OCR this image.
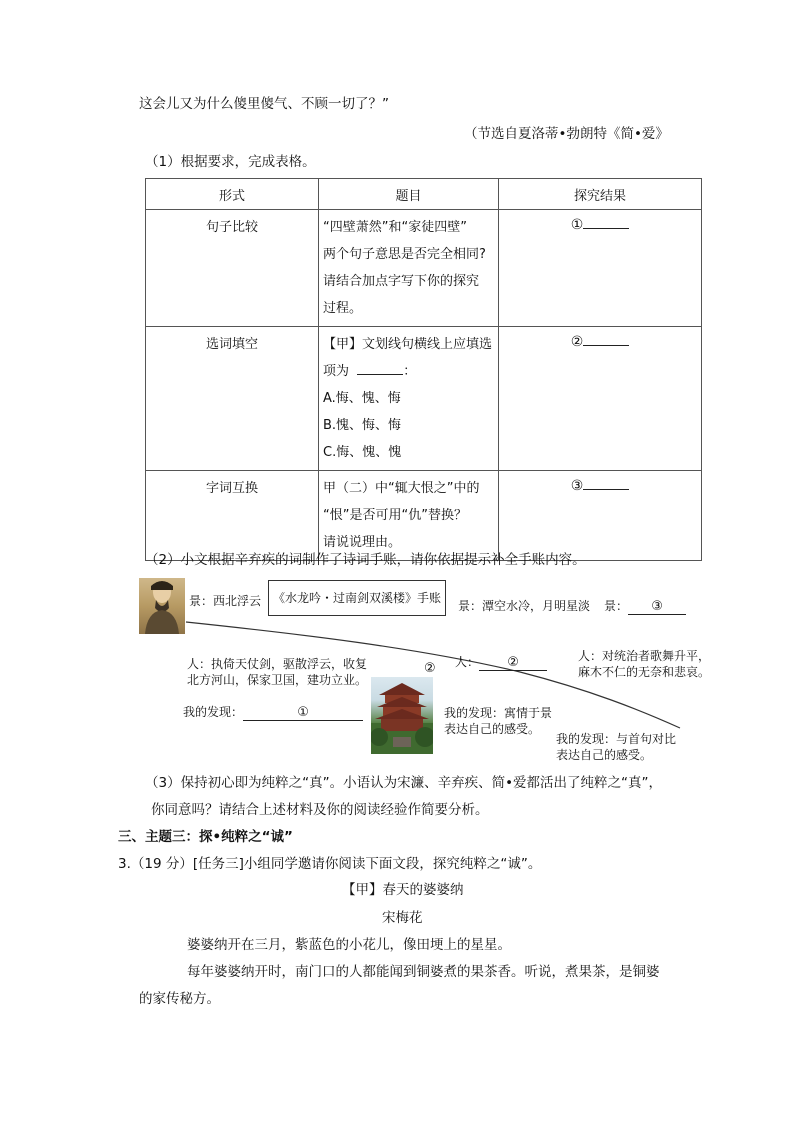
这会儿又为什么傻里傻气、不顾一切了？”
（节选自夏洛蒂•勃朗特《简•爱》
（1）根据要求，完成表格。
形式	题目	探究结果
句子比较	“四壁萧然”和“家徒四壁”
两个句子意思是否完全相同?
请结合加点字写下你的探究
过程。	①
选词填空	【甲】文划线句横线上应填选
项为 ：
A.悔、愧、悔
B.愧、悔、悔
C.悔、愧、愧	②
字词互换	甲（二）中“辄大恨之”中的
“恨”是否可用“仇”替换？
请说说理由。	③
（2）小文根据辛弃疾的词制作了诗词手账，请你依据提示补全手账内容。
景：西北浮云 《水龙吟・过南剑双溪楼》手账
景：潭空水冷，月明星淡 景： ③
人：执倚天仗剑，驱散浮云，收复
北方河山，保家卫国，建功立业。
② 人： ②	人：对统治者歌舞升平，
麻木不仁的无奈和悲哀。
我的发现：	①	我的发现：寓情于景
表达自己的感受。
我的发现：与首句对比
表达自己的感受。
（3）保持初心即为纯粹之“真”。小语认为宋濂、辛弃疾、简•爱都活出了纯粹之“真”，
你同意吗？请结合上述材料及你的阅读经验作简要分析。
三、主题三：探•纯粹之“诚”
3.（19 分）[任务三]小组同学邀请你阅读下面文段，探究纯粹之“诚”。
【甲】春天的婆婆纳
宋梅花
婆婆纳开在三月，紫蓝色的小花儿，像田埂上的星星。
每年婆婆纳开时，南门口的人都能闻到铜婆煮的果茶香。听说，煮果茶，是铜婆
的家传秘方。
